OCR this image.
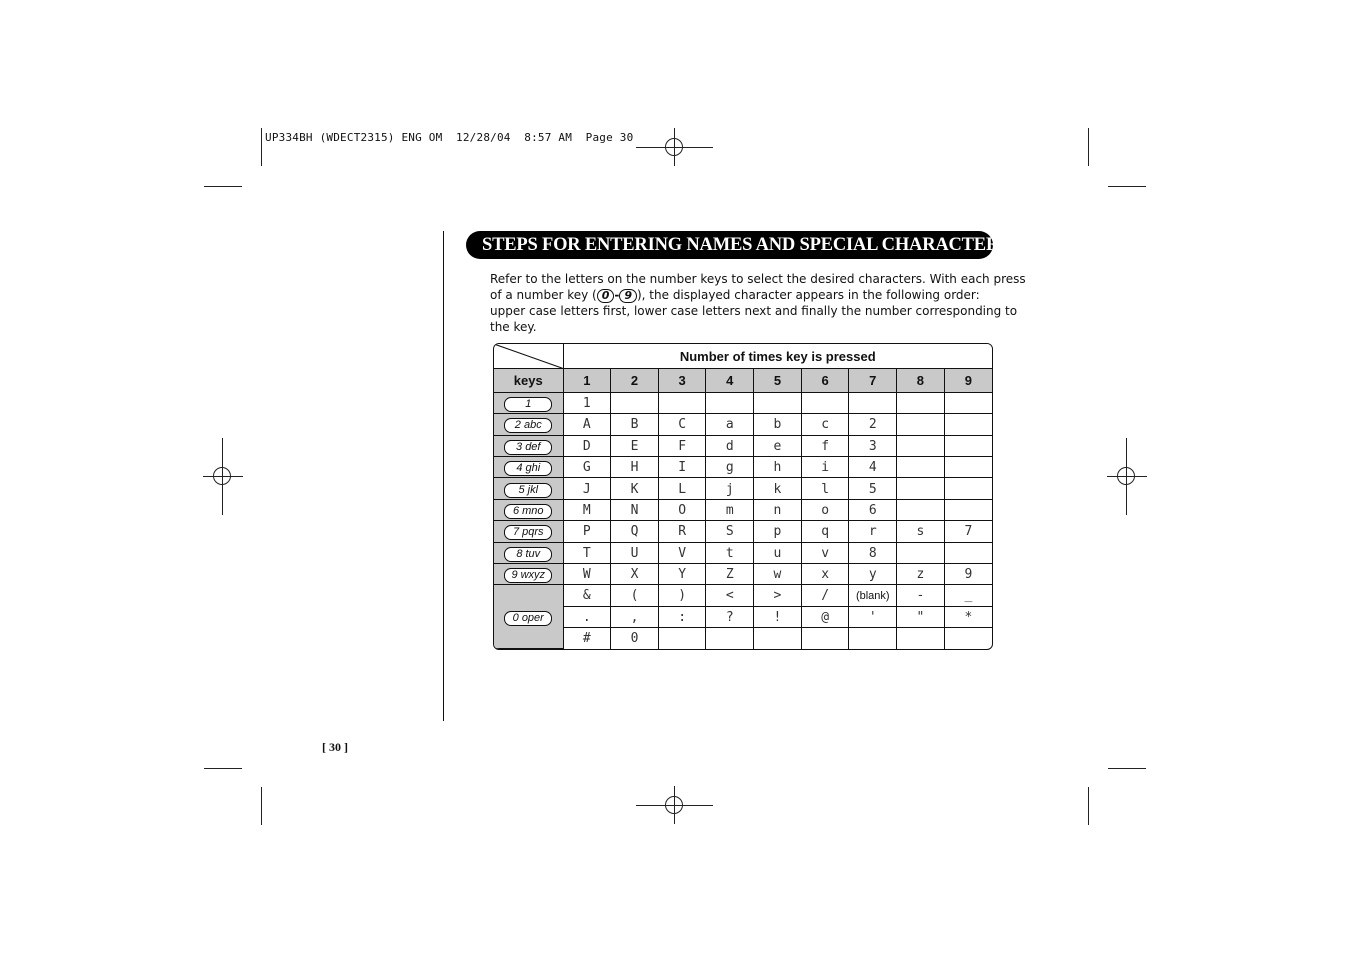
UP334BH (WDECT2315) ENG OM  12/28/04  8:57 AM  Page 30
STEPS FOR ENTERING NAMES AND SPECIAL CHARACTERS
Refer to the letters on the number keys to select the desired characters. With each press
of a number key ( 0 - 9 ), the displayed character appears in the following order:
upper case letters first, lower case letters next and finally the number corresponding to
the key.
	Number of times key is pressed								
keys	1	2	3	4	5	6	7	8	9
1	1								
2 abc	A	B	C	a	b	c	2		
3 def	D	E	F	d	e	f	3		
4 ghi	G	H	I	g	h	i	4		
5 jkl	J	K	L	j	k	l	5		
6 mno	M	N	O	m	n	o	6		
7 pqrs	P	Q	R	S	p	q	r	s	7
8 tuv	T	U	V	t	u	v	8		
9 wxyz	W	X	Y	Z	w	x	y	z	9
0 oper	&	(	)	<	>	/	(blank)	-	_
	.	,	:	?	!	@	'	"	*
	#	0							
[ 30 ]
